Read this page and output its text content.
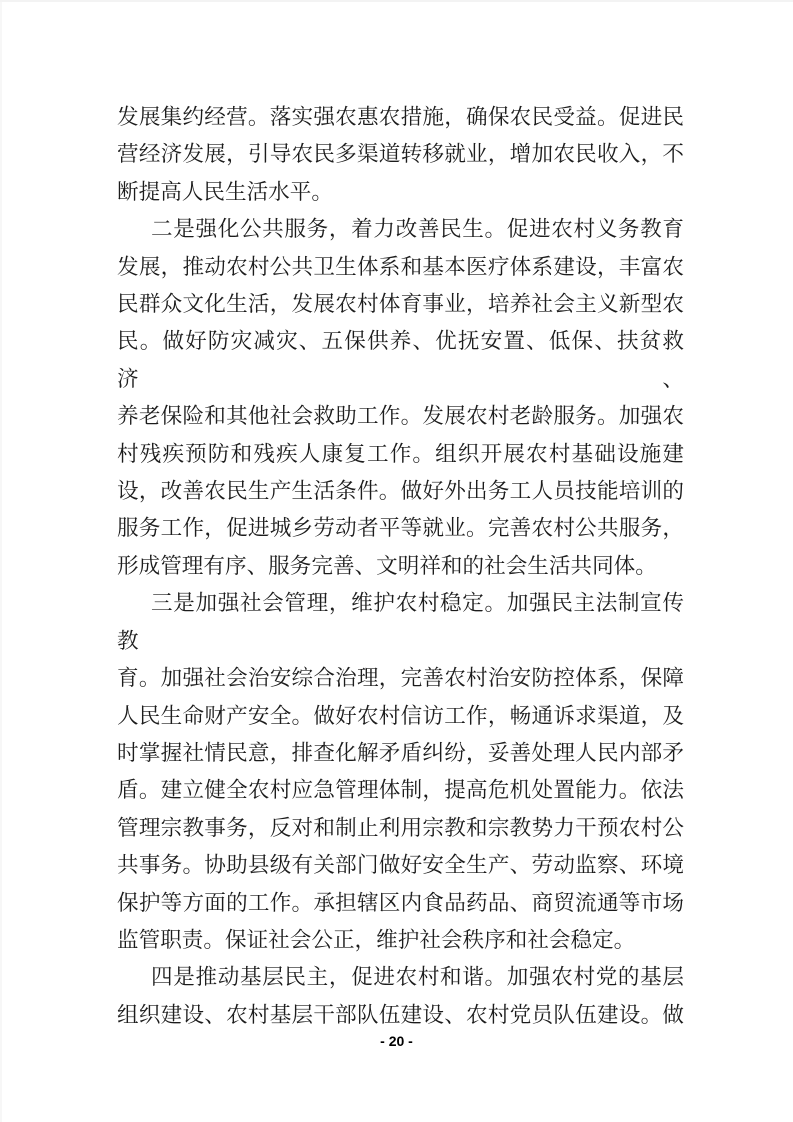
发展集约经营。落实强农惠农措施，确保农民受益。促进民
营经济发展，引导农民多渠道转移就业，增加农民收入，不
断提高人民生活水平。
二是强化公共服务，着力改善民生。促进农村义务教育
发展，推动农村公共卫生体系和基本医疗体系建设，丰富农
民群众文化生活，发展农村体育事业，培养社会主义新型农
民。做好防灾减灾、五保供养、优抚安置、低保、扶贫救济、
养老保险和其他社会救助工作。发展农村老龄服务。加强农
村残疾预防和残疾人康复工作。组织开展农村基础设施建
设，改善农民生产生活条件。做好外出务工人员技能培训的
服务工作，促进城乡劳动者平等就业。完善农村公共服务，
形成管理有序、服务完善、文明祥和的社会生活共同体。
三是加强社会管理，维护农村稳定。加强民主法制宣传
教
育。加强社会治安综合治理，完善农村治安防控体系，保障
人民生命财产安全。做好农村信访工作，畅通诉求渠道，及
时掌握社情民意，排查化解矛盾纠纷，妥善处理人民内部矛
盾。建立健全农村应急管理体制，提高危机处置能力。依法
管理宗教事务，反对和制止利用宗教和宗教势力干预农村公
共事务。协助县级有关部门做好安全生产、劳动监察、环境
保护等方面的工作。承担辖区内食品药品、商贸流通等市场
监管职责。保证社会公正，维护社会秩序和社会稳定。
四是推动基层民主，促进农村和谐。加强农村党的基层
组织建设、农村基层干部队伍建设、农村党员队伍建设。做
- 20 -
